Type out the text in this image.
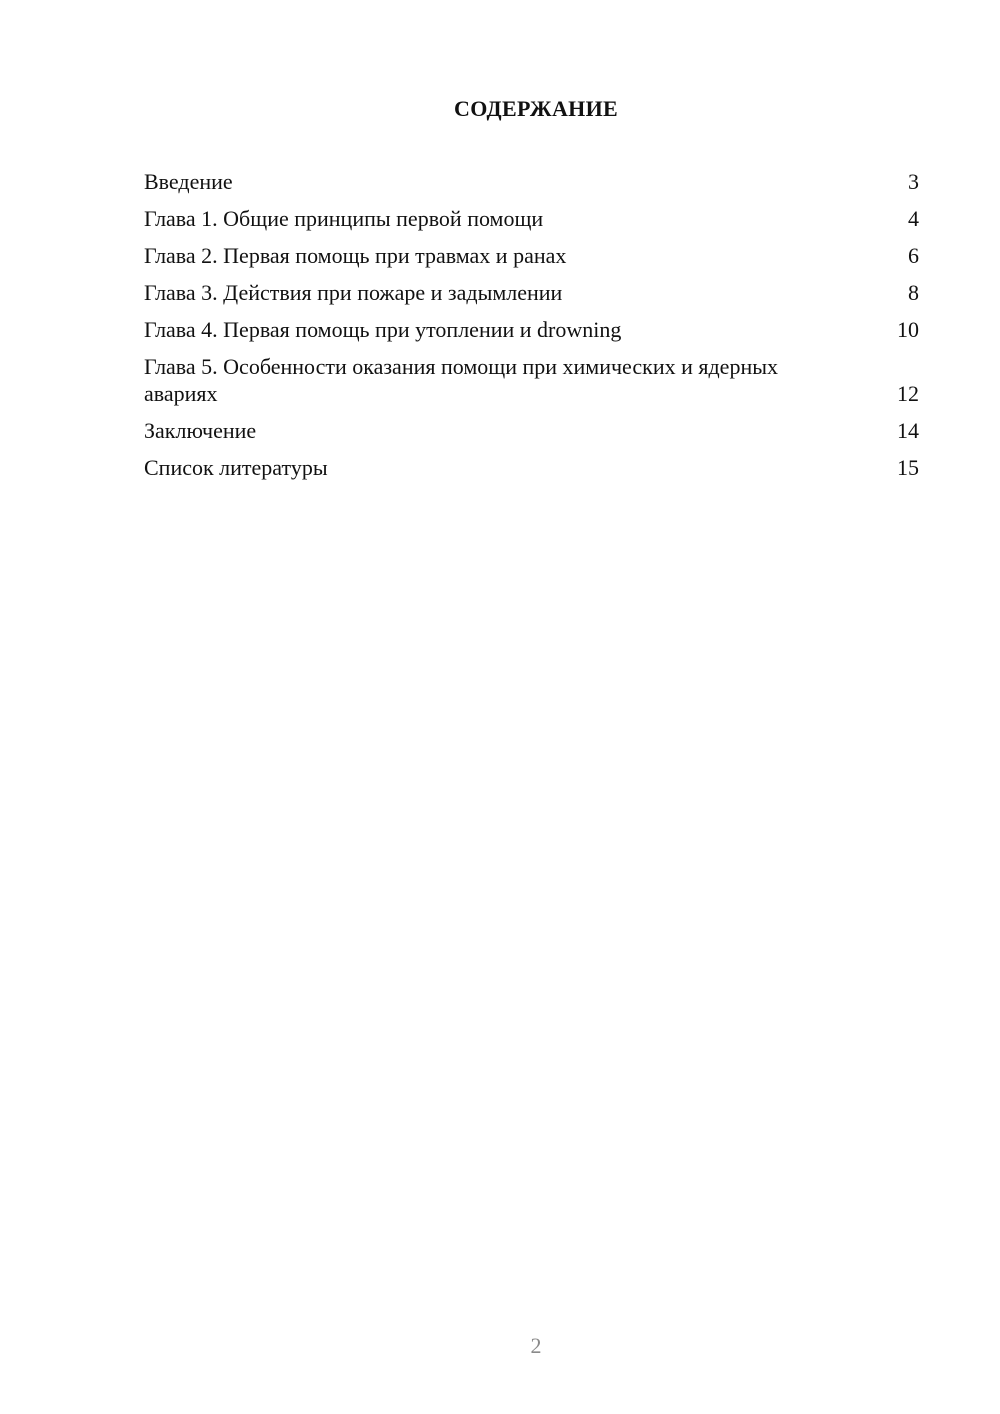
СОДЕРЖАНИЕ
Введение	3
Глава 1. Общие принципы первой помощи	4
Глава 2. Первая помощь при травмах и ранах	6
Глава 3. Действия при пожаре и задымлении	8
Глава 4. Первая помощь при утоплении и drowning	10
Глава 5. Особенности оказания помощи при химических и ядерных авариях	12
Заключение	14
Список литературы	15
2
